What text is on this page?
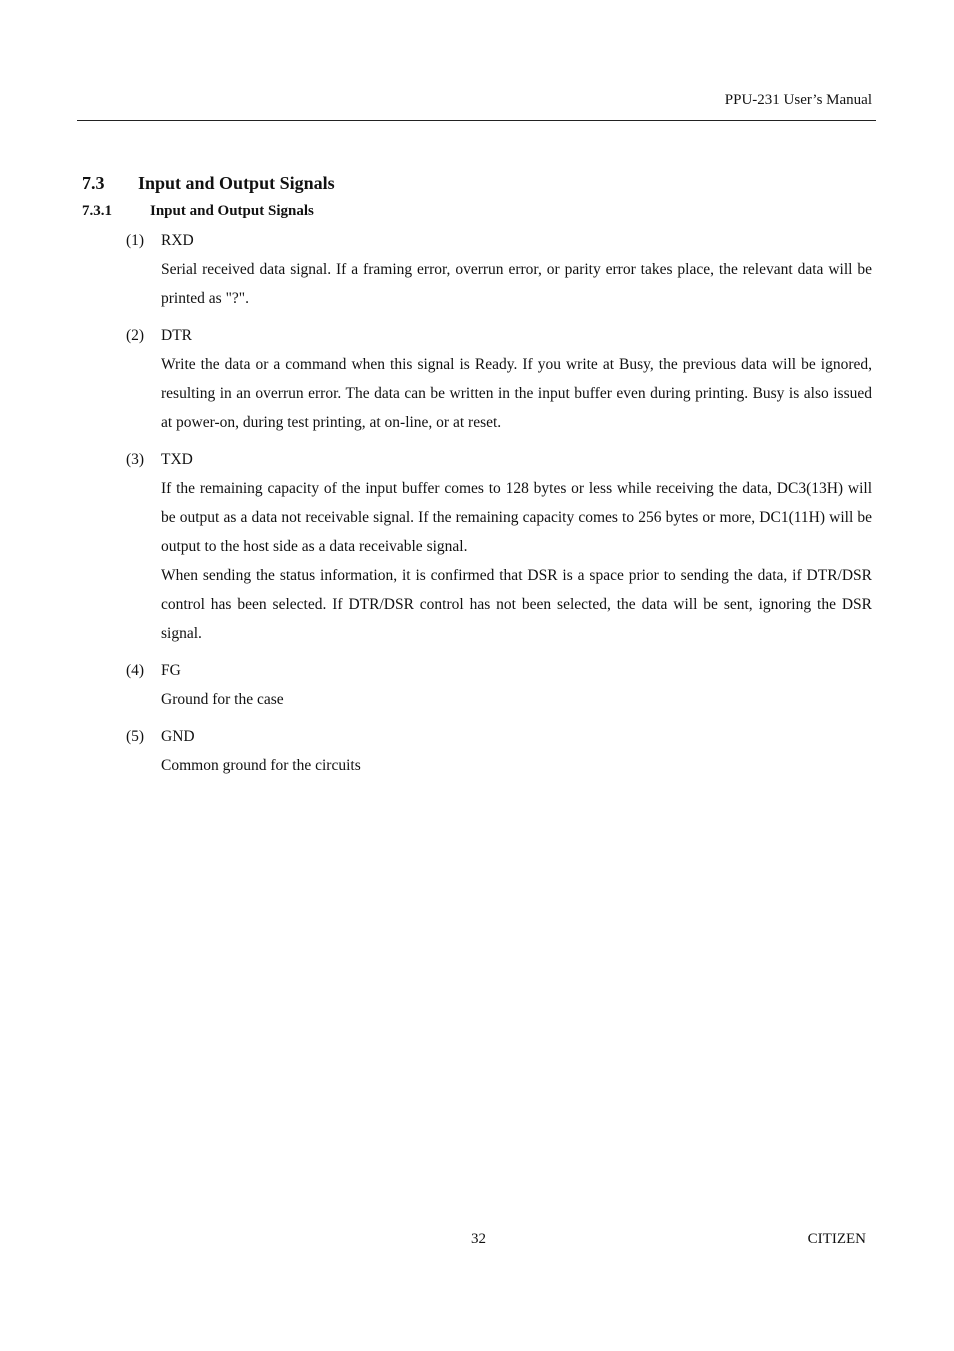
PPU-231 User’s Manual
7.3 Input and Output Signals
7.3.1	Input and Output Signals
(1) RXD

Serial received data signal. If a framing error, overrun error, or parity error takes place, the relevant data will be printed as "?".

(2) DTR

Write the data or a command when this signal is Ready. If you write at Busy, the previous data will be ignored, resulting in an overrun error. The data can be written in the input buffer even during printing. Busy is also issued at power-on, during test printing, at on-line, or at reset.

(3) TXD

If the remaining capacity of the input buffer comes to 128 bytes or less while receiving the data, DC3(13H) will be output as a data not receivable signal. If the remaining capacity comes to 256 bytes or more, DC1(11H) will be output to the host side as a data receivable signal.

When sending the status information, it is confirmed that DSR is a space prior to sending the data, if DTR/DSR control has been selected. If DTR/DSR control has not been selected, the data will be sent, ignoring the DSR signal.

(4) FG

Ground for the case

(5) GND

Common ground for the circuits

32	CITIZEN
